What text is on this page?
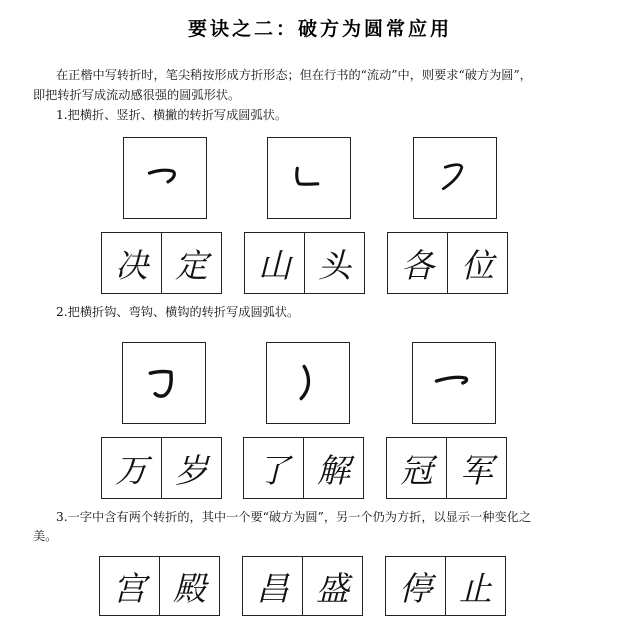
要诀之二：破方为圆常应用
在正楷中写转折时，笔尖稍按形成方折形态；但在行书的“流动”中，则要求“破方为圆”，
即把转折写成流动感很强的圆弧形状。
1.把横折、竖折、横撇的转折写成圆弧状。
决 定	山 头	各 位
2.把横折钩、弯钩、横钩的转折写成圆弧状。
万 岁	了 解	冠 军
3.一字中含有两个转折的，其中一个要“破方为圆”，另一个仍为方折，以显示一种变化之
美。
宫 殿	昌 盛	停 止
